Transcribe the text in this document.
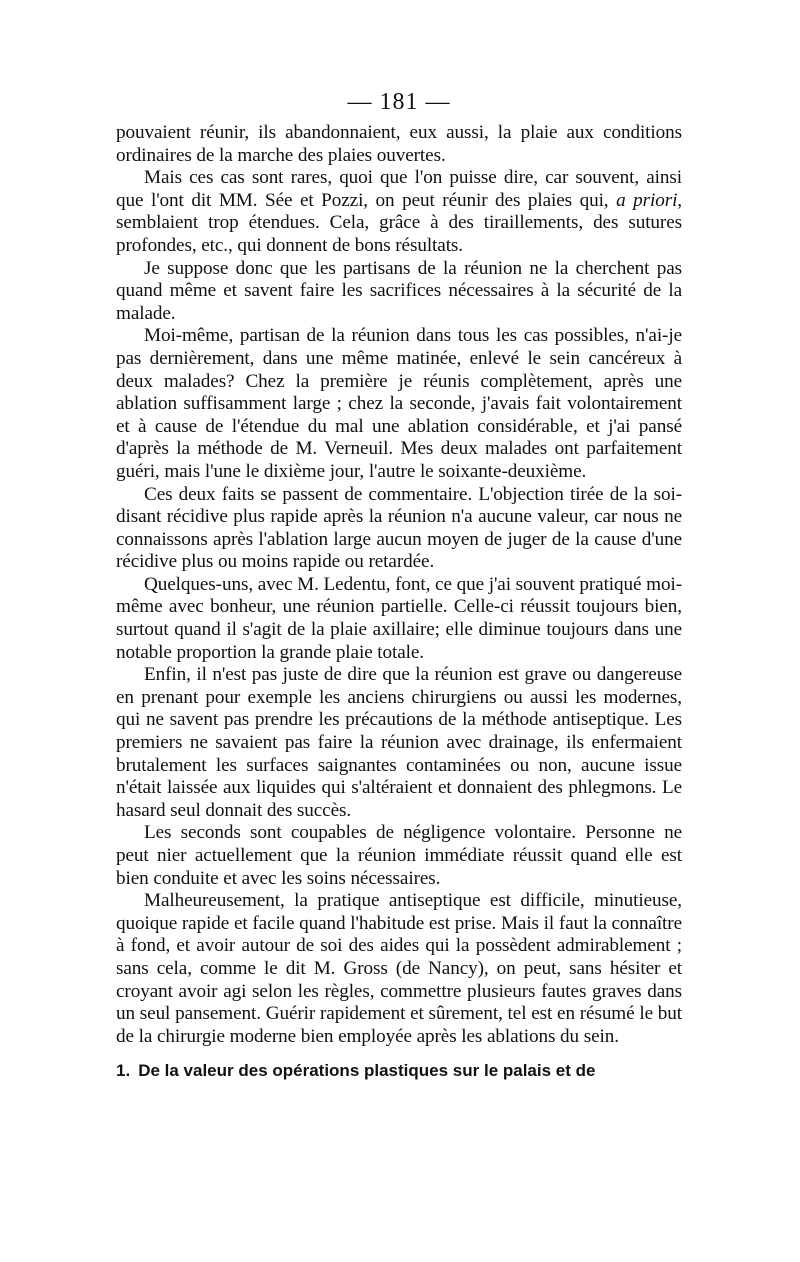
— 181 —

pouvaient réunir, ils abandonnaient, eux aussi, la plaie aux conditions ordinaires de la marche des plaies ouvertes.

Mais ces cas sont rares, quoi que l'on puisse dire, car souvent, ainsi que l'ont dit MM. Sée et Pozzi, on peut réunir des plaies qui, a priori, semblaient trop étendues. Cela, grâce à des tiraillements, des sutures profondes, etc., qui donnent de bons résultats.

Je suppose donc que les partisans de la réunion ne la cherchent pas quand même et savent faire les sacrifices nécessaires à la sécurité de la malade.

Moi-même, partisan de la réunion dans tous les cas possibles, n'ai-je pas dernièrement, dans une même matinée, enlevé le sein cancéreux à deux malades? Chez la première je réunis complètement, après une ablation suffisamment large ; chez la seconde, j'avais fait volontairement et à cause de l'étendue du mal une ablation considérable, et j'ai pansé d'après la méthode de M. Verneuil. Mes deux malades ont parfaitement guéri, mais l'une le dixième jour, l'autre le soixante-deuxième.

Ces deux faits se passent de commentaire. L'objection tirée de la soi-disant récidive plus rapide après la réunion n'a aucune valeur, car nous ne connaissons après l'ablation large aucun moyen de juger de la cause d'une récidive plus ou moins rapide ou retardée.

Quelques-uns, avec M. Ledentu, font, ce que j'ai souvent pratiqué moi-même avec bonheur, une réunion partielle. Celle-ci réussit toujours bien, surtout quand il s'agit de la plaie axillaire; elle diminue toujours dans une notable proportion la grande plaie totale.

Enfin, il n'est pas juste de dire que la réunion est grave ou dangereuse en prenant pour exemple les anciens chirurgiens ou aussi les modernes, qui ne savent pas prendre les précautions de la méthode antiseptique. Les premiers ne savaient pas faire la réunion avec drainage, ils enfermaient brutalement les surfaces saignantes contaminées ou non, aucune issue n'était laissée aux liquides qui s'altéraient et donnaient des phlegmons. Le hasard seul donnait des succès.

Les seconds sont coupables de négligence volontaire. Personne ne peut nier actuellement que la réunion immédiate réussit quand elle est bien conduite et avec les soins nécessaires.

Malheureusement, la pratique antiseptique est difficile, minutieuse, quoique rapide et facile quand l'habitude est prise. Mais il faut la connaître à fond, et avoir autour de soi des aides qui la possèdent admirablement ; sans cela, comme le dit M. Gross (de Nancy), on peut, sans hésiter et croyant avoir agi selon les règles, commettre plusieurs fautes graves dans un seul pansement. Guérir rapidement et sûrement, tel est en résumé le but de la chirurgie moderne bien employée après les ablations du sein.

1. De la valeur des opérations plastiques sur le palais et de
